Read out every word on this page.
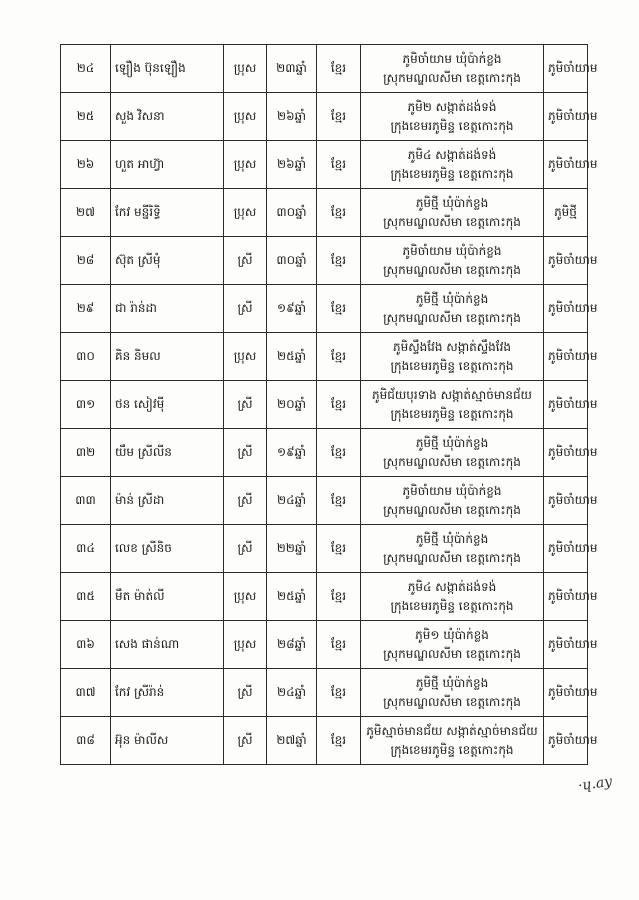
២៤	ឡឿង ប៊ុនឡឿង	ប្រុស	២៣ឆ្នាំ	ខ្មែរ	ភូមិចាំយាម ឃុំប៉ាក់ខ្លង
ស្រុកមណ្ឌលសីមា ខេត្តកោះកុង	ភូមិចាំយាម
២៥	សួង វិសនា	ប្រុស	២៦ឆ្នាំ	ខ្មែរ	ភូមិ២ សង្កាត់ដង់ទង់
ក្រុងខេមរភូមិន្ទ ខេត្តកោះកុង	ភូមិចាំយាម
២៦	ហួត អាហ៊្វា	ប្រុស	២៦ឆ្នាំ	ខ្មែរ	ភូមិ៤ សង្កាត់ដង់ទង់
ក្រុងខេមរភូមិន្ទ ខេត្តកោះកុង	ភូមិចាំយាម
២៧	កែវ មន្នីរិទ្ធិ	ប្រុស	៣០ឆ្នាំ	ខ្មែរ	ភូមិថ្មី ឃុំប៉ាក់ខ្លង
ស្រុកមណ្ឌលសីមា ខេត្តកោះកុង	ភូមិថ្មី
២៨	ស៊ុត ស្រីមុំ	ស្រី	៣០ឆ្នាំ	ខ្មែរ	ភូមិចាំយាម ឃុំប៉ាក់ខ្លង
ស្រុកមណ្ឌលសីមា ខេត្តកោះកុង	ភូមិចាំយាម
២៩	ជា រ៉ាន់ដា	ស្រី	១៩ឆ្នាំ	ខ្មែរ	ភូមិថ្មី ឃុំប៉ាក់ខ្លង
ស្រុកមណ្ឌលសីមា ខេត្តកោះកុង	ភូមិចាំយាម
៣០	គិន និមល	ប្រុស	២៥ឆ្នាំ	ខ្មែរ	ភូមិស្ទឹងវែង សង្កាត់ស្ទឹងវែង
ក្រុងខេមរភូមិន្ទ ខេត្តកោះកុង	ភូមិចាំយាម
៣១	ថន សៀវម៉ី	ស្រី	២០ឆ្នាំ	ខ្មែរ	ភូមិជ័យបុរទាង សង្កាត់ស្មាច់មានជ័យ
ក្រុងខេមរភូមិន្ទ ខេត្តកោះកុង	ភូមិចាំយាម
៣២	យឹម ស្រីលីន	ស្រី	១៩ឆ្នាំ	ខ្មែរ	ភូមិថ្មី ឃុំប៉ាក់ខ្លង
ស្រុកមណ្ឌលសីមា ខេត្តកោះកុង	ភូមិចាំយាម
៣៣	ម៉ាន់ ស្រីដា	ស្រី	២៤ឆ្នាំ	ខ្មែរ	ភូមិចាំយាម ឃុំប៉ាក់ខ្លង
ស្រុកមណ្ឌលសីមា ខេត្តកោះកុង	ភូមិចាំយាម
៣៤	លេខ ស្រីនិច	ស្រី	២២ឆ្នាំ	ខ្មែរ	ភូមិថ្មី ឃុំប៉ាក់ខ្លង
ស្រុកមណ្ឌលសីមា ខេត្តកោះកុង	ភូមិចាំយាម
៣៥	មឹត ម៉ាត់លី	ប្រុស	២៥ឆ្នាំ	ខ្មែរ	ភូមិ៤ សង្កាត់ដង់ទង់
ក្រុងខេមរភូមិន្ទ ខេត្តកោះកុង	ភូមិចាំយាម
៣៦	សេង ផាន់ណា	ប្រុស	២៨ឆ្នាំ	ខ្មែរ	ភូមិ១ ឃុំប៉ាក់ខ្លង
ស្រុកមណ្ឌលសីមា ខេត្តកោះកុង	ភូមិចាំយាម
៣៧	កែវ ស្រីរ៉ាន់	ស្រី	២៤ឆ្នាំ	ខ្មែរ	ភូមិថ្មី ឃុំប៉ាក់ខ្លង
ស្រុកមណ្ឌលសីមា ខេត្តកោះកុង	ភូមិចាំយាម
៣៨	អ៊ុន ម៉ាលីស	ស្រី	២៧ឆ្នាំ	ខ្មែរ	ភូមិស្មាច់មានជ័យ សង្កាត់ស្មាច់មានជ័យ
ក្រុងខេមរភូមិន្ទ ខេត្តកោះកុង	ភូមិចាំយាម
·ɥ.ay
